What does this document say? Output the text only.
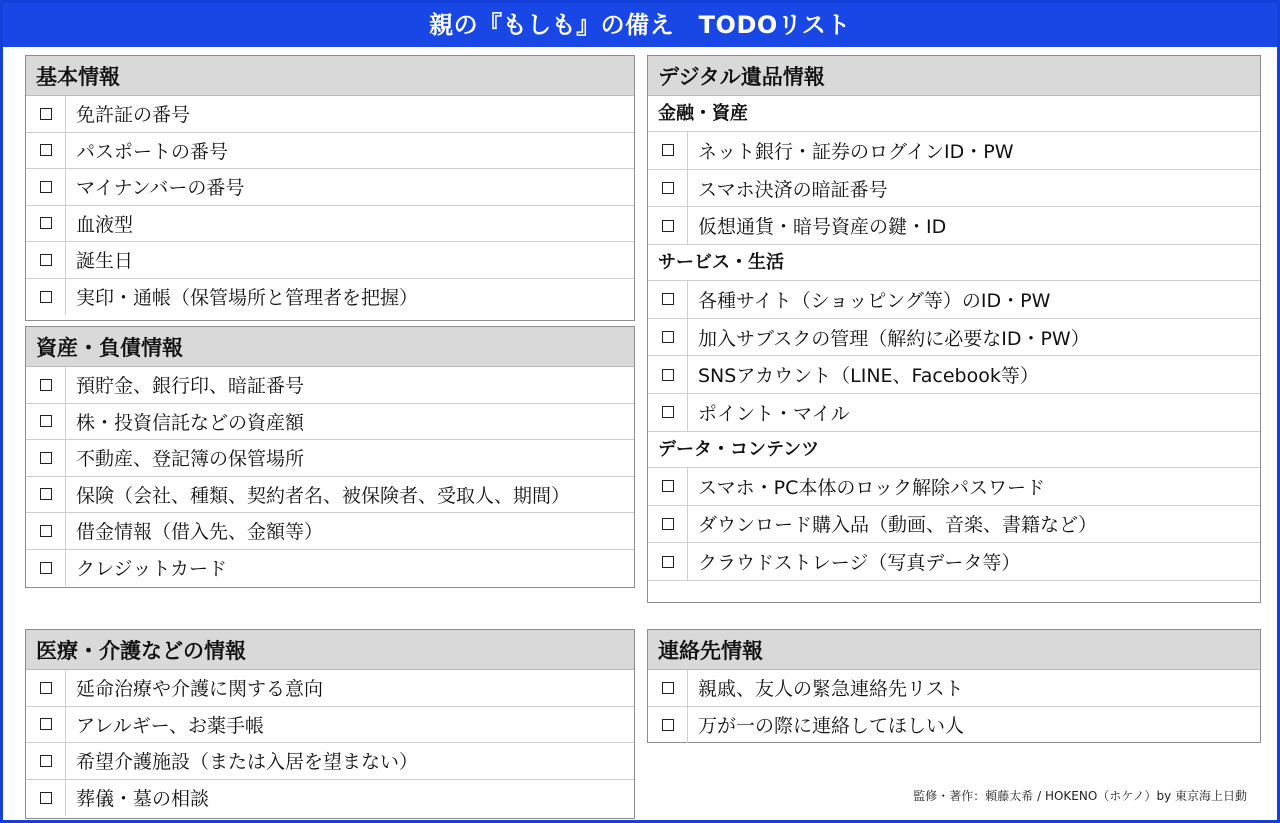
親の『もしも』の備え　TODOリスト
基本情報
免許証の番号
パスポートの番号
マイナンバーの番号
血液型
誕生日
実印・通帳（保管場所と管理者を把握）
資産・負債情報
預貯金、銀行印、暗証番号
株・投資信託などの資産額
不動産、登記簿の保管場所
保険（会社、種類、契約者名、被保険者、受取人、期間）
借金情報（借入先、金額等）
クレジットカード
医療・介護などの情報
延命治療や介護に関する意向
アレルギー、お薬手帳
希望介護施設（または入居を望まない）
葬儀・墓の相談
デジタル遺品情報
金融・資産
ネット銀行・証券のログインID・PW
スマホ決済の暗証番号
仮想通貨・暗号資産の鍵・ID
サービス・生活
各種サイト（ショッピング等）のID・PW
加入サブスクの管理（解約に必要なID・PW）
SNSアカウント（LINE、Facebook等）
ポイント・マイル
データ・コンテンツ
スマホ・PC本体のロック解除パスワード
ダウンロード購入品（動画、音楽、書籍など）
クラウドストレージ（写真データ等）
連絡先情報
親戚、友人の緊急連絡先リスト
万が一の際に連絡してほしい人
監修・著作：頼藤太希 / HOKENO（ホケノ）by 東京海上日動
